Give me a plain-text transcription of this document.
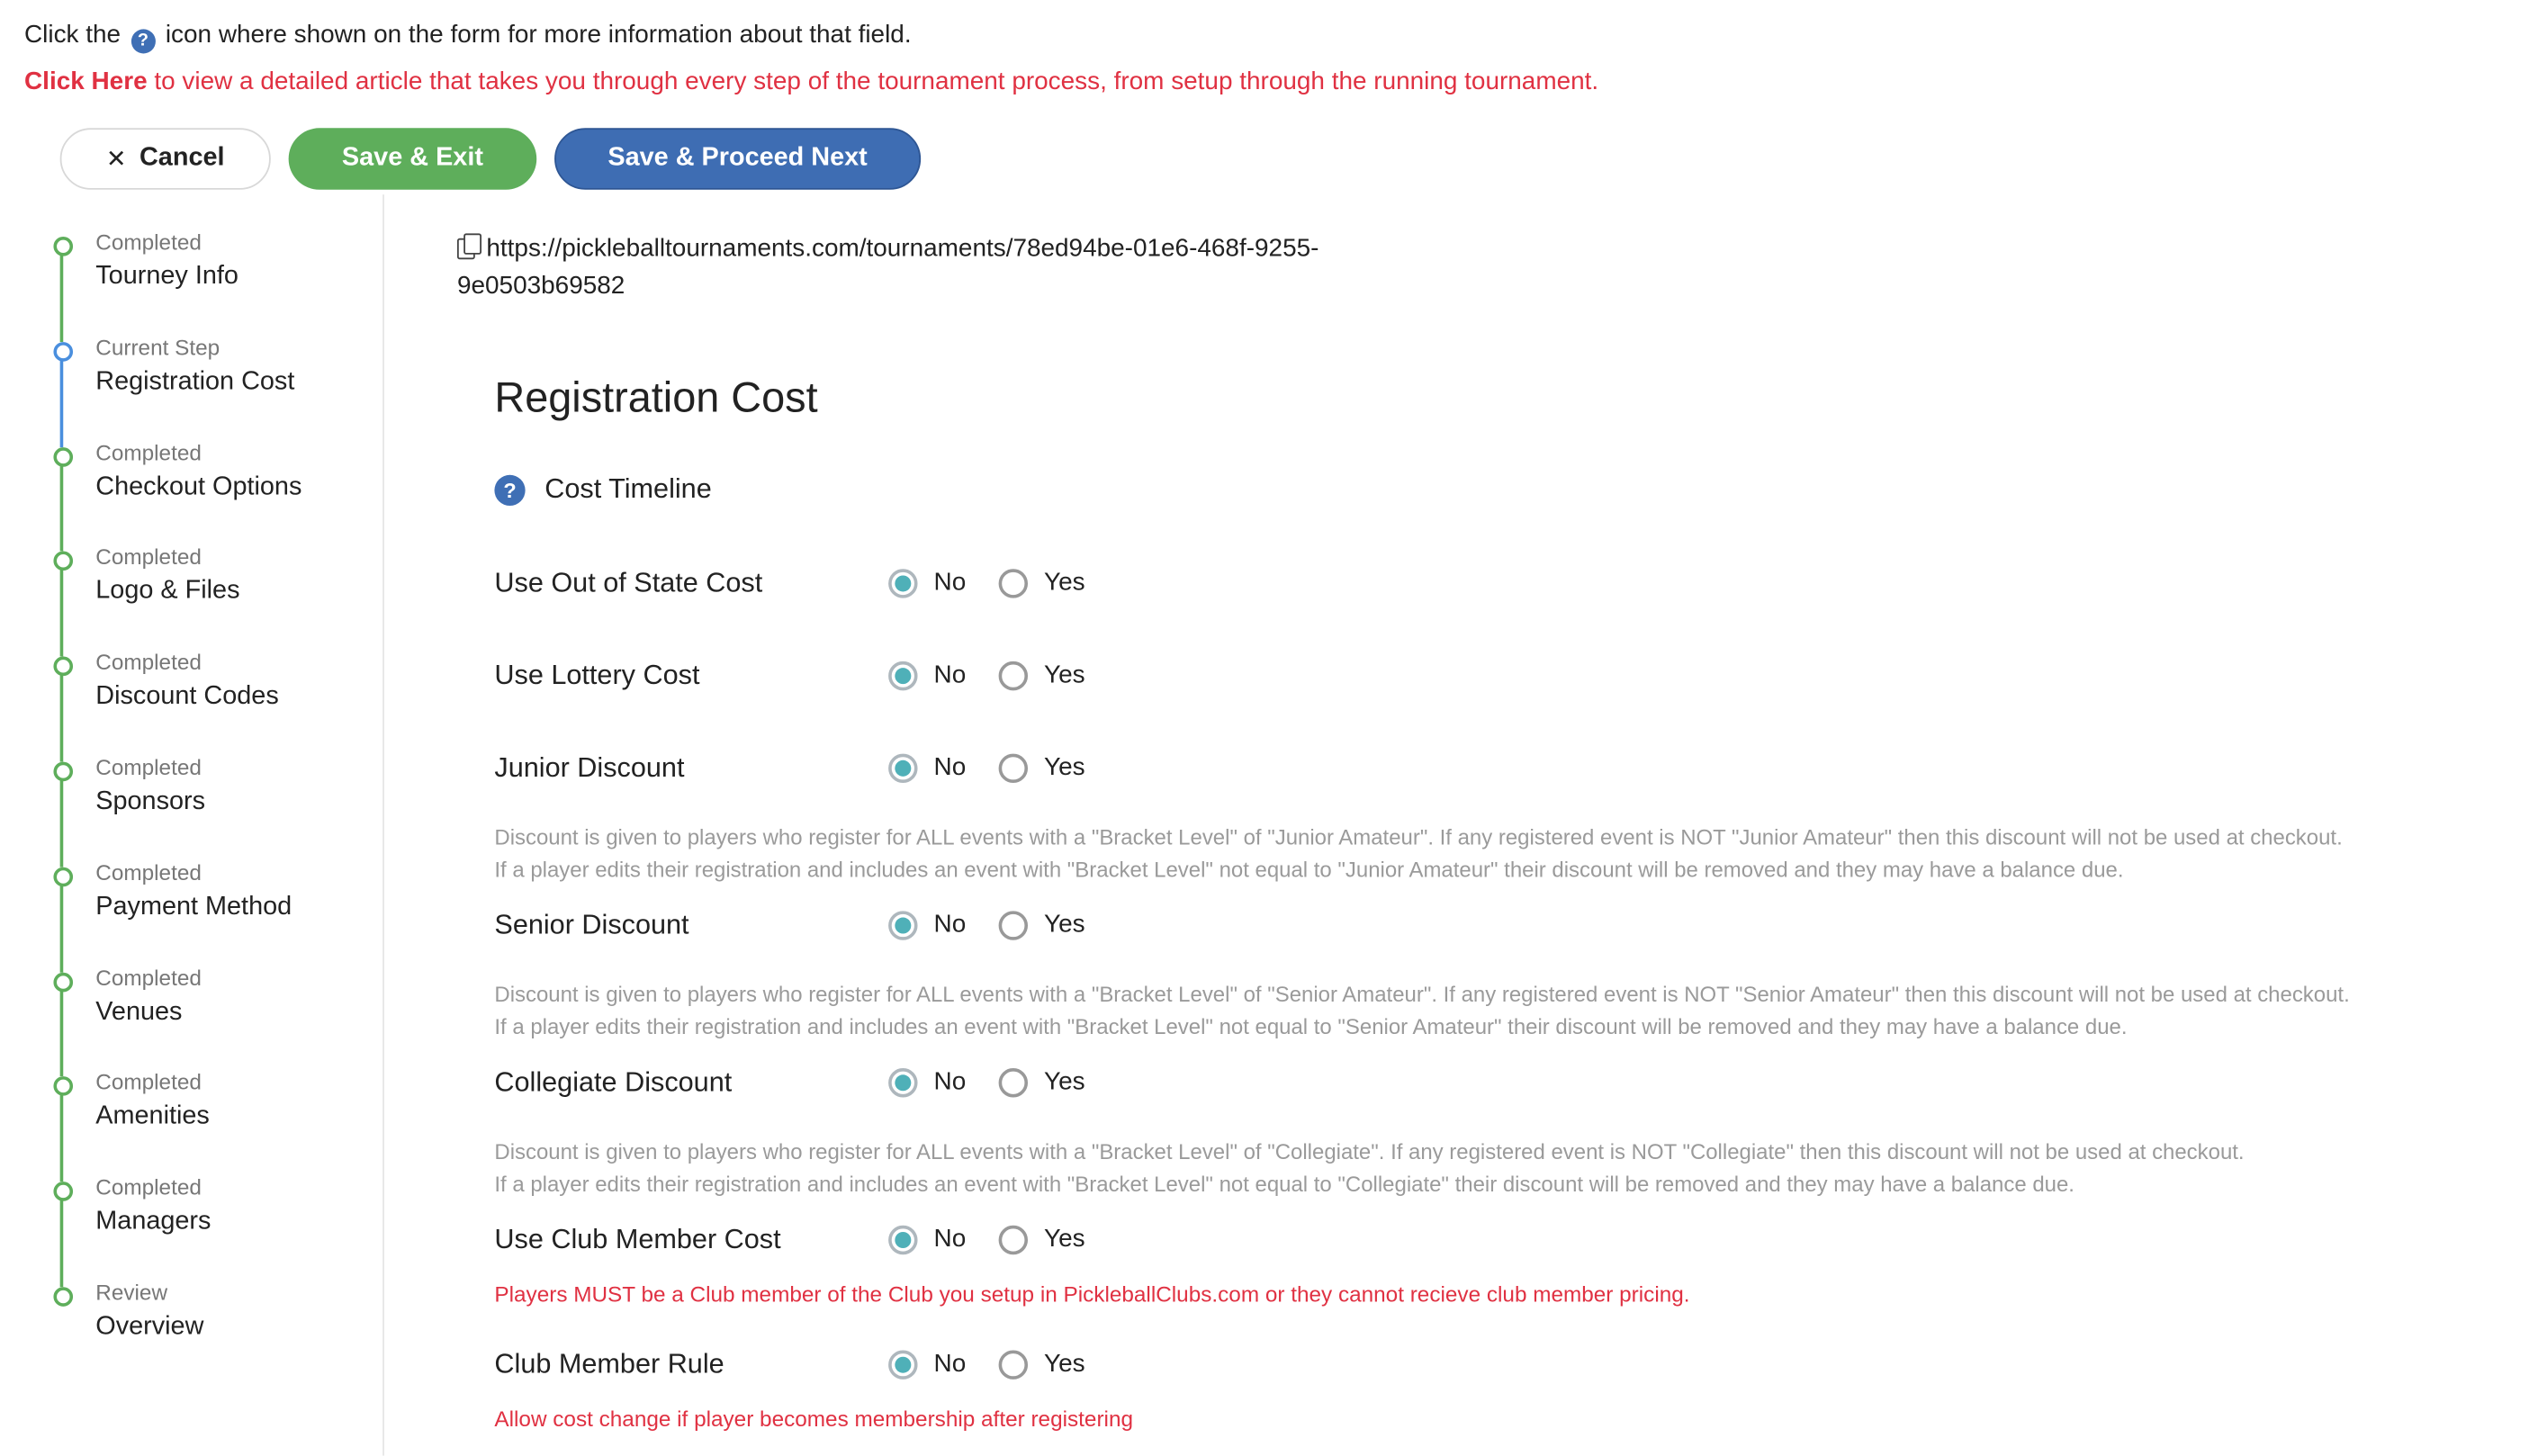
Click the ? icon where shown on the form for more information about that field.
Click Here to view a detailed article that takes you through every step of the tournament process, from setup through the running tournament.
✕ Cancel	Save & Exit	Save & Proceed Next
Completed
Tourney Info
Current Step
Registration Cost
Completed
Checkout Options
Completed
Logo & Files
Completed
Discount Codes
Completed
Sponsors
Completed
Payment Method
Completed
Venues
Completed
Amenities
Completed
Managers
Review
Overview
https://pickleballtournaments.com/tournaments/78ed94be-01e6-468f-9255-
9e0503b69582
Registration Cost
?	Cost Timeline
Use Out of State Cost	No	Yes
Use Lottery Cost	No	Yes
Junior Discount	No	Yes
Discount is given to players who register for ALL events with a "Bracket Level" of "Junior Amateur". If any registered event is NOT "Junior Amateur" then this discount will not be used at checkout.
If a player edits their registration and includes an event with "Bracket Level" not equal to "Junior Amateur" their discount will be removed and they may have a balance due.
Senior Discount	No	Yes
Discount is given to players who register for ALL events with a "Bracket Level" of "Senior Amateur". If any registered event is NOT "Senior Amateur" then this discount will not be used at checkout.
If a player edits their registration and includes an event with "Bracket Level" not equal to "Senior Amateur" their discount will be removed and they may have a balance due.
Collegiate Discount	No	Yes
Discount is given to players who register for ALL events with a "Bracket Level" of "Collegiate". If any registered event is NOT "Collegiate" then this discount will not be used at checkout.
If a player edits their registration and includes an event with "Bracket Level" not equal to "Collegiate" their discount will be removed and they may have a balance due.
Use Club Member Cost	No	Yes
Players MUST be a Club member of the Club you setup in PickleballClubs.com or they cannot recieve club member pricing.
Club Member Rule	No	Yes
Allow cost change if player becomes membership after registering
